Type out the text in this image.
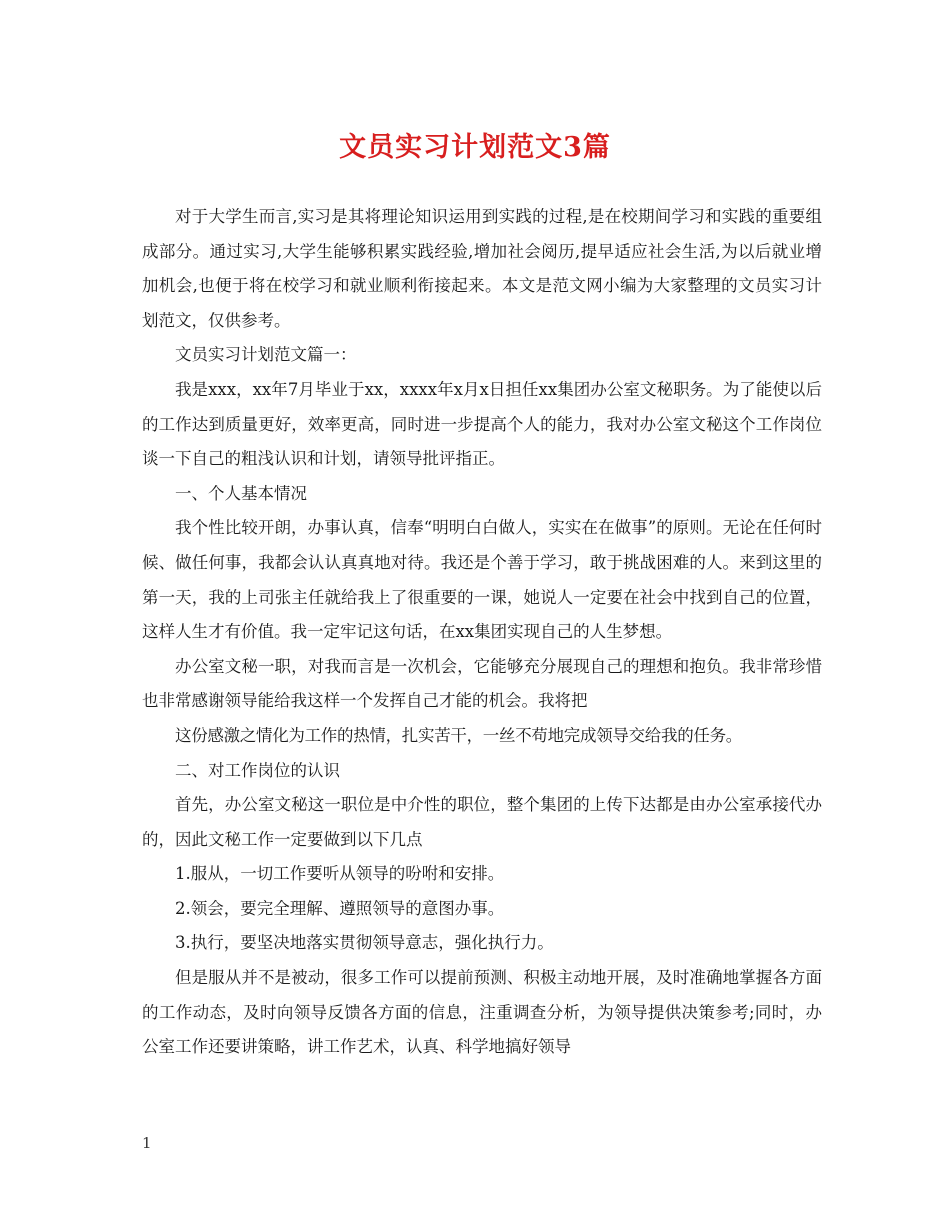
文员实习计划范文3篇

对于大学生而言,实习是其将理论知识运用到实践的过程,是在校期间学习和实践的重要组成部分。通过实习,大学生能够积累实践经验,增加社会阅历,提早适应社会生活,为以后就业增加机会,也便于将在校学习和就业顺利衔接起来。本文是范文网小编为大家整理的文员实习计划范文，仅供参考。

文员实习计划范文篇一：

我是xxx，xx年7月毕业于xx，xxxx年x月x日担任xx集团办公室文秘职务。为了能使以后的工作达到质量更好，效率更高，同时进一步提高个人的能力，我对办公室文秘这个工作岗位谈一下自己的粗浅认识和计划，请领导批评指正。

一、个人基本情况

我个性比较开朗，办事认真，信奉“明明白白做人，实实在在做事”的原则。无论在任何时候、做任何事，我都会认认真真地对待。我还是个善于学习，敢于挑战困难的人。来到这里的第一天，我的上司张主任就给我上了很重要的一课，她说人一定要在社会中找到自己的位置，这样人生才有价值。我一定牢记这句话，在xx集团实现自己的人生梦想。

办公室文秘一职，对我而言是一次机会，它能够充分展现自己的理想和抱负。我非常珍惜也非常感谢领导能给我这样一个发挥自己才能的机会。我将把

这份感激之情化为工作的热情，扎实苦干，一丝不苟地完成领导交给我的任务。

二、对工作岗位的认识

首先，办公室文秘这一职位是中介性的职位，整个集团的上传下达都是由办公室承接代办的，因此文秘工作一定要做到以下几点

1.服从，一切工作要听从领导的吩咐和安排。

2.领会，要完全理解、遵照领导的意图办事。

3.执行，要坚决地落实贯彻领导意志，强化执行力。

但是服从并不是被动，很多工作可以提前预测、积极主动地开展，及时准确地掌握各方面的工作动态，及时向领导反馈各方面的信息，注重调查分析，为领导提供决策参考;同时，办公室工作还要讲策略，讲工作艺术，认真、科学地搞好领导

1
